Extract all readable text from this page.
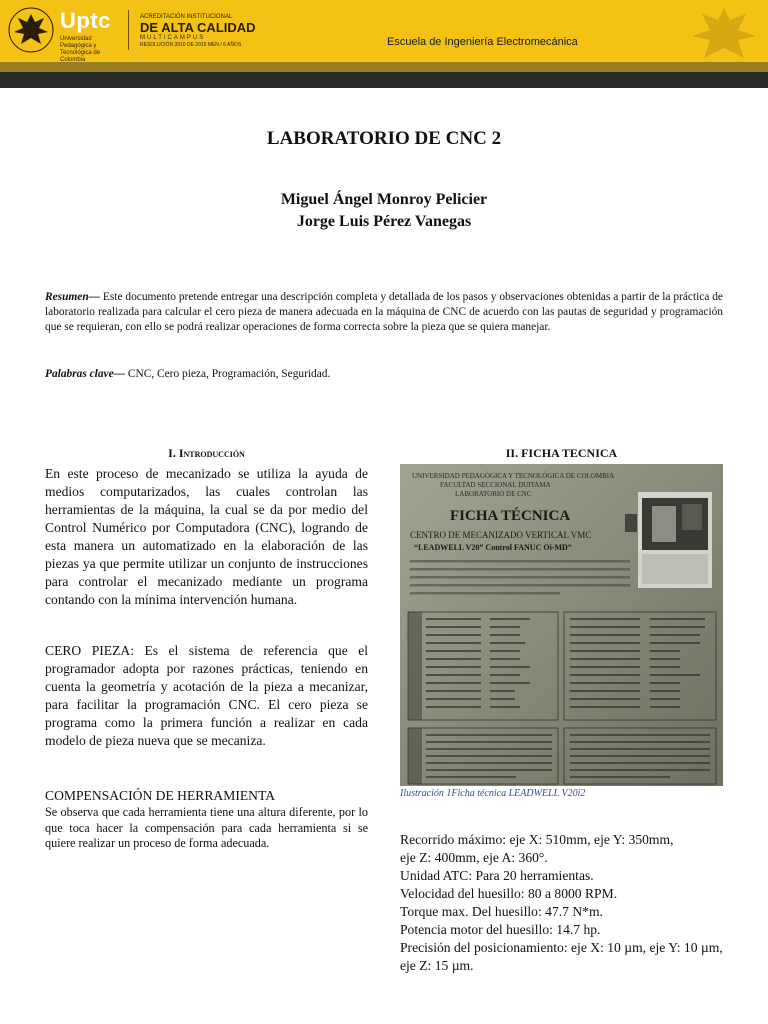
Uptc
Universidad Pedagógica y Tecnológica de Colombia
ACREDITACIÓN INSTITUCIONAL
DE ALTA CALIDAD
MULTICAMPUS
RESOLUCIÓN 3910 DE 2015 MEN / 6 AÑOS	Escuela de Ingeniería Electromecánica
LABORATORIO DE CNC 2
Miguel Ángel Monroy Pelicier
Jorge Luis Pérez Vanegas
Resumen— Este documento pretende entregar una descripción completa y detallada de los pasos y observaciones obtenidas a partir de la práctica de laboratorio realizada para calcular el cero pieza de manera adecuada en la máquina de CNC de acuerdo con las pautas de seguridad y programación que se requieran, con ello se podrá realizar operaciones de forma correcta sobre la pieza que se quiera manejar.
Palabras clave— CNC, Cero pieza, Programación, Seguridad.
I. Introducción
En este proceso de mecanizado se utiliza la ayuda de medios computarizados, las cuales controlan las herramientas de la máquina, la cual se da por medio del Control Numérico por Computadora (CNC), logrando de esta manera un automatizado en la elaboración de las piezas ya que permite utilizar un conjunto de instrucciones para controlar el mecanizado mediante un programa contando con la mínima intervención humana.
CERO PIEZA: Es el sistema de referencia que el programador adopta por razones prácticas, teniendo en cuenta la geometría y acotación de la pieza a mecanizar, para facilitar la programación CNC. El cero pieza se programa como la primera función a realizar en cada modelo de pieza nueva que se mecaniza.
COMPENSACIÓN DE HERRAMIENTA
Se observa que cada herramienta tiene una altura diferente, por lo que toca hacer la compensación para cada herramienta si se quiere realizar un proceso de forma adecuada.
II. FICHA TECNICA
UNIVERSIDAD PEDAGÓGICA Y TECNOLÓGICA DE COLOMBIA
FACULTAD SECCIONAL DUITAMA
LABORATORIO DE CNC
FICHA TÉCNICA
CENTRO DE MECANIZADO VERTICAL VMC
“LEADWELL V20” Control FANUC Oi-MD”
Ilustración 1Ficha técnica LEADWELL V20i2
Recorrido máximo: eje X: 510mm, eje Y: 350mm,
eje Z: 400mm, eje A: 360°.
Unidad ATC: Para 20 herramientas.
Velocidad del huesillo: 80 a 8000 RPM.
Torque max. Del huesillo: 47.7 N*m.
Potencia motor del huesillo: 14.7 hp.
Precisión del posicionamiento: eje X: 10 µm, eje Y: 10 µm, eje Z: 15 µm.
